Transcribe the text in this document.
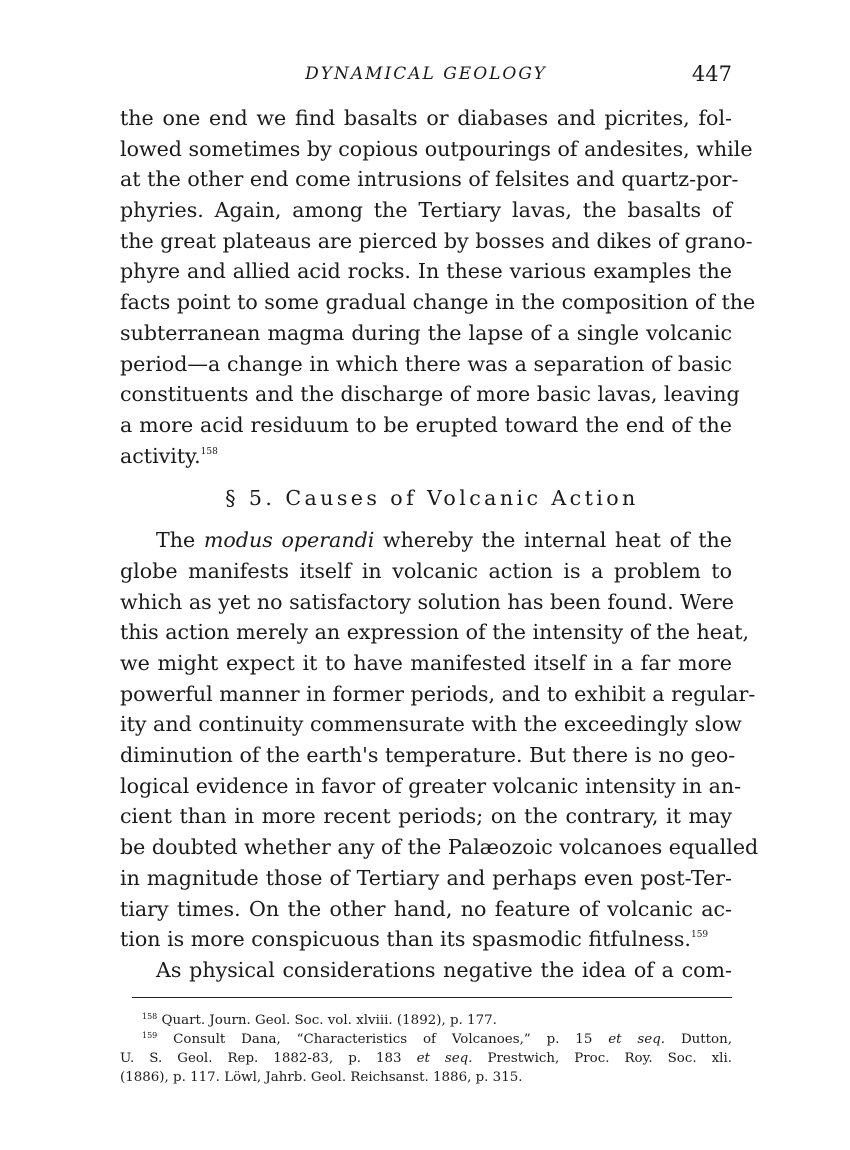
DYNAMICAL GEOLOGY	447
the one end we find basalts or diabases and picrites, fol-
lowed sometimes by copious outpourings of andesites, while
at the other end come intrusions of felsites and quartz-por-
phyries. Again, among the Tertiary lavas, the basalts of
the great plateaus are pierced by bosses and dikes of grano-
phyre and allied acid rocks. In these various examples the
facts point to some gradual change in the composition of the
subterranean magma during the lapse of a single volcanic
period—a change in which there was a separation of basic
constituents and the discharge of more basic lavas, leaving
a more acid residuum to be erupted toward the end of the
activity.$^{158}$
§ 5. Causes of Volcanic Action
The modus operandi whereby the internal heat of the
globe manifests itself in volcanic action is a problem to
which as yet no satisfactory solution has been found. Were
this action merely an expression of the intensity of the heat,
we might expect it to have manifested itself in a far more
powerful manner in former periods, and to exhibit a regular-
ity and continuity commensurate with the exceedingly slow
diminution of the earth's temperature. But there is no geo-
logical evidence in favor of greater volcanic intensity in an-
cient than in more recent periods; on the contrary, it may
be doubted whether any of the Palæozoic volcanoes equalled
in magnitude those of Tertiary and perhaps even post-Ter-
tiary times. On the other hand, no feature of volcanic ac-
tion is more conspicuous than its spasmodic fitfulness.$^{159}$
As physical considerations negative the idea of a com-
$^{158}$ Quart. Journ. Geol. Soc. vol. xlviii. (1892), p. 177.
$^{159}$ Consult Dana, “Characteristics of Volcanoes,” p. 15 et seq. Dutton,
U. S. Geol. Rep. 1882-83, p. 183 et seq. Prestwich, Proc. Roy. Soc. xli.
(1886), p. 117. Löwl, Jahrb. Geol. Reichsanst. 1886, p. 315.
